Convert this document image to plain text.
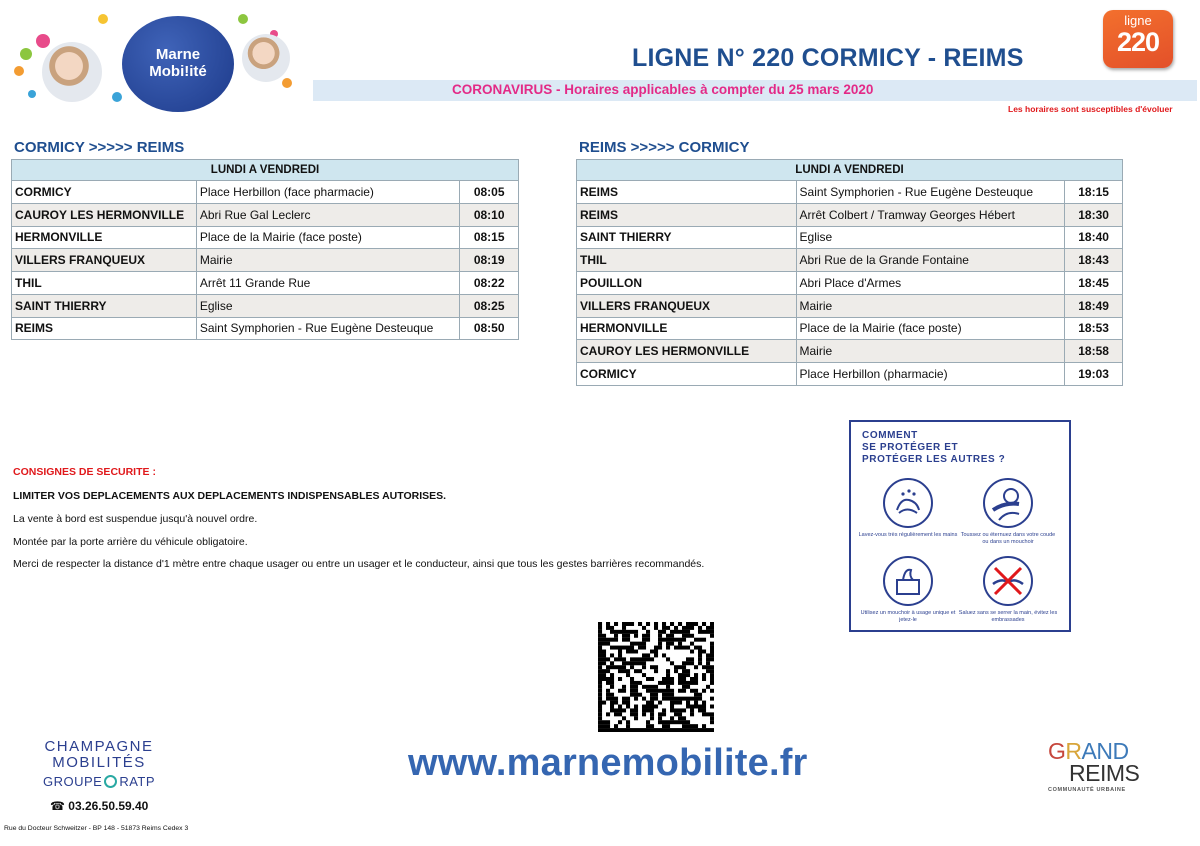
Marne
Mobi!ité	LIGNE N° 220 CORMICY - REIMS
ligne
220
CORONAVIRUS - Horaires applicables à compter du 25 mars 2020
Les horaires sont susceptibles d'évoluer
CORMICY >>>>> REIMS
LUNDI A VENDREDI		
CORMICY	Place Herbillon (face pharmacie)	08:05
CAUROY LES HERMONVILLE	Abri Rue Gal Leclerc	08:10
HERMONVILLE	Place de la Mairie (face poste)	08:15
VILLERS FRANQUEUX	Mairie	08:19
THIL	Arrêt 11 Grande Rue	08:22
SAINT THIERRY	Eglise	08:25
REIMS	Saint Symphorien - Rue Eugène Desteuque	08:50
REIMS >>>>> CORMICY
LUNDI A VENDREDI		
REIMS	Saint Symphorien - Rue Eugène Desteuque	18:15
REIMS	Arrêt Colbert / Tramway Georges Hébert	18:30
SAINT THIERRY	Eglise	18:40
THIL	Abri Rue de la Grande Fontaine	18:43
POUILLON	Abri Place d'Armes	18:45
VILLERS FRANQUEUX	Mairie	18:49
HERMONVILLE	Place de la Mairie (face poste)	18:53
CAUROY LES HERMONVILLE	Mairie	18:58
CORMICY	Place Herbillon (pharmacie)	19:03
CONSIGNES DE SECURITE :
LIMITER VOS DEPLACEMENTS AUX DEPLACEMENTS INDISPENSABLES AUTORISES.
La vente à bord est suspendue jusqu'à nouvel ordre.
Montée par la porte arrière du véhicule obligatoire.
Merci de respecter la distance d'1 mètre entre chaque usager ou entre un usager et le conducteur, ainsi que tous les gestes barrières recommandés.
COMMENT
SE PROTÉGER ET
PROTÉGER LES AUTRES ?
Lavez-vous très régulièrement les mains Toussez ou éternuez dans votre coude ou dans un mouchoir
Utilisez un mouchoir à usage unique et jetez-le
Saluez sans se serrer la main, évitez les embrassades
CHAMPAGNE
MOBILITÉS
GROUPE RATP
☎ 03.26.50.59.40
Rue du Docteur Schweitzer - BP 148 - 51873 Reims Cedex 3
www.marnemobilite.fr	GRAND
REIMS
COMMUNAUTÉ URBAINE
